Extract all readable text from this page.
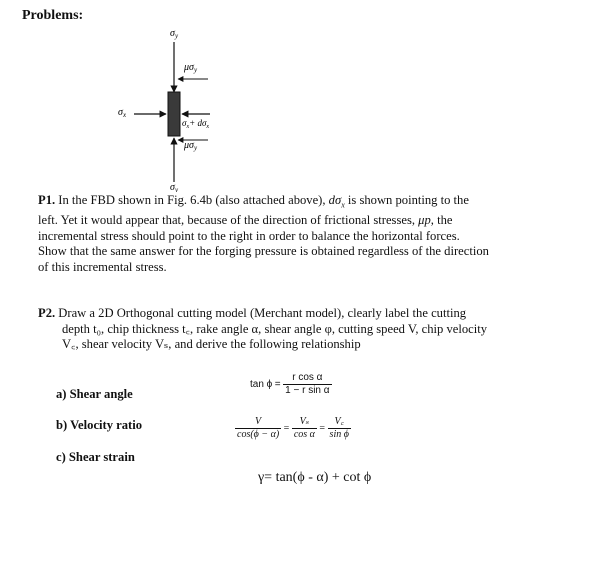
Problems:
$\sigma_y$
$\mu\sigma_y$
$\sigma_x$
$\sigma_x+ d\sigma_x$
$\mu\sigma_y$
$\sigma_y$
P1. In the FBD shown in Fig. 6.4b (also attached above), $d\sigma_x$ is shown pointing to the
left. Yet it would appear that, because of the direction of frictional stresses, μp, the
incremental stress should point to the right in order to balance the horizontal forces.
Show that the same answer for the forging pressure is obtained regardless of the direction
of this incremental stress.
P2. Draw a 2D Orthogonal cutting model (Merchant model), clearly label the cutting
depth t₀, chip thickness t꜀, rake angle α, shear angle φ, cutting speed V, chip velocity
V꜀, shear velocity Vₛ, and derive the following relationship
a) Shear angle
b) Velocity ratio
c) Shear strain
$\tan \phi = \frac{\text{r cos α}}{\text{1 − r sin α}}$
$\frac{V}{\cos(\phi - \alpha)} = \frac{\text{Vₛ}}{\text{cos α}} = \frac{V꜀}{\text{sin ϕ}}$
γ= tan(ϕ - α) + cot ϕ
